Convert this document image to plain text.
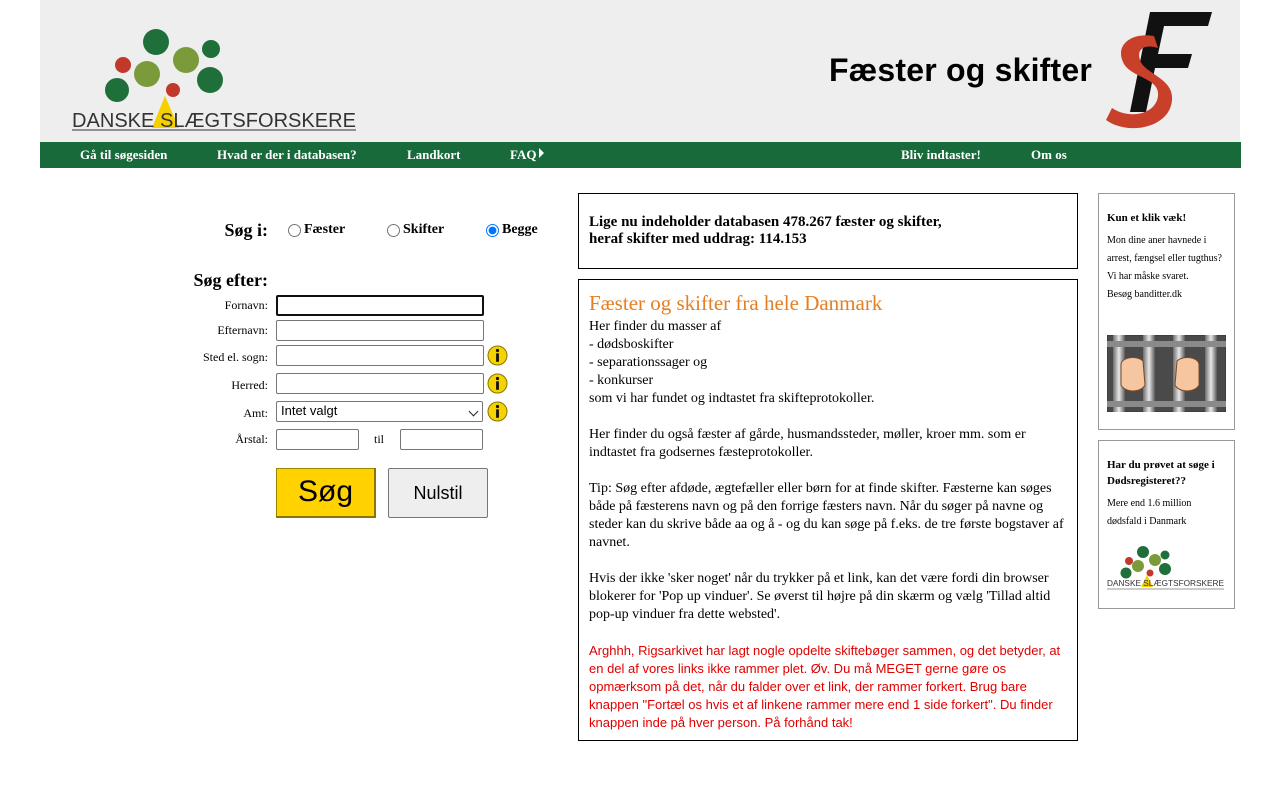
DANSKE SLÆGTSFORSKERE
Fæster og skifter
Gå til søgesiden	Hvad er der i databasen?	Landkort	FAQ	Bliv indtaster!	Om os
Søg i:	Fæster	Skifter	Begge
Søg efter:
Fornavn:
Efternavn:
Sted el. sogn:
Herred:
Amt:	Intet valgt
Årstal:	til
Søg	Nulstil
Lige nu indeholder databasen 478.267 fæster og skifter,
heraf skifter med uddrag: 114.153
Fæster og skifter fra hele Danmark

Her finder du masser af

- dødsboskifter

- separationssager og

- konkurser

som vi har fundet og indtastet fra skifteprotokoller.

Her finder du også fæster af gårde, husmandssteder, møller, kroer mm. som er indtastet fra godsernes fæsteprotokoller.

Tip: Søg efter afdøde, ægtefæller eller børn for at finde skifter. Fæsterne kan søges både på fæsterens navn og på den forrige fæsters navn. Når du søger på navne og steder kan du skrive både aa og å - og du kan søge på f.eks. de tre første bogstaver af navnet.

Hvis der ikke 'sker noget' når du trykker på et link, kan det være fordi din browser blokerer for 'Pop up vinduer'. Se øverst til højre på din skærm og vælg 'Tillad altid pop-up vinduer fra dette websted'.

Arghhh, Rigsarkivet har lagt nogle opdelte skiftebøger sammen, og det betyder, at en del af vores links ikke rammer plet. Øv. Du må MEGET gerne gøre os opmærksom på det, når du falder over et link, der rammer forkert. Brug bare knappen "Fortæl os hvis et af linkene rammer mere end 1 side forkert". Du finder knappen inde på hver person. På forhånd tak!

Kun et klik væk!
Mon dine aner havnede i arrest, fængsel eller tugthus?
Vi har måske svaret.
Besøg banditter.dk
Har du prøvet at søge i Dødsregisteret??
Mere end 1.6 million dødsfald i Danmark
DANSKE SLÆGTSFORSKERE
